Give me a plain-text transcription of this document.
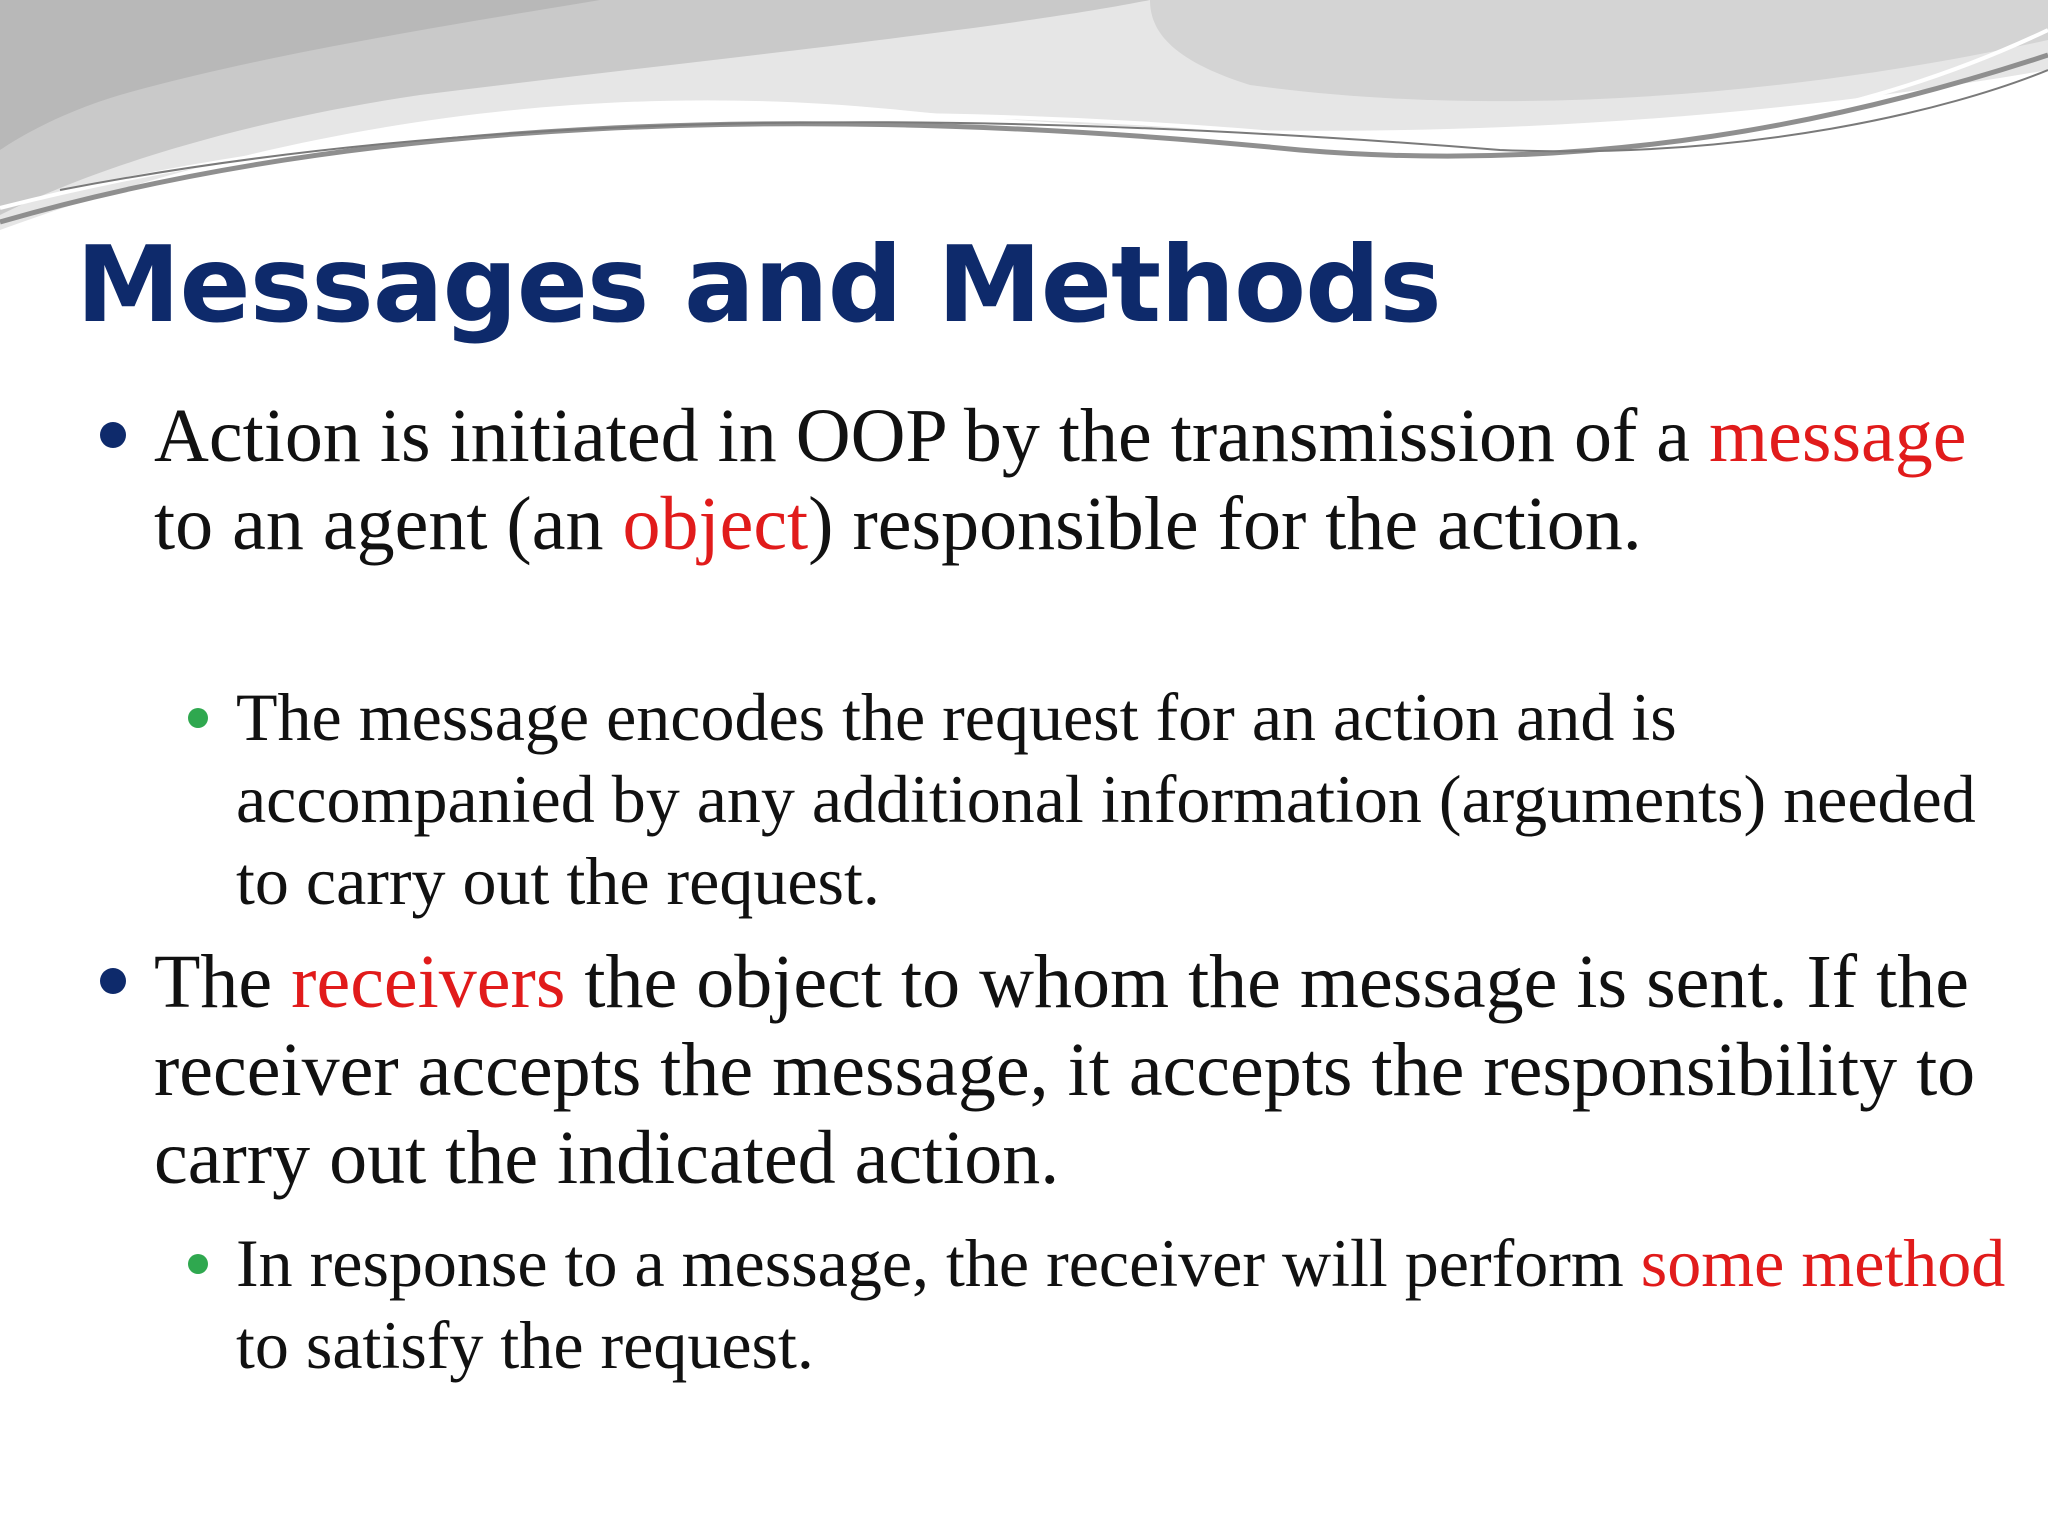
Messages and Methods

Action is initiated in OOP by the transmission of a message to an agent (an object) responsible for the action.

The message encodes the request for an action and is accompanied by any additional information (arguments) needed to carry out the request.

The receivers the object to whom the message is sent. If the receiver accepts the message, it accepts the responsibility to carry out the indicated action.

In response to a message, the receiver will perform some method to satisfy the request.
